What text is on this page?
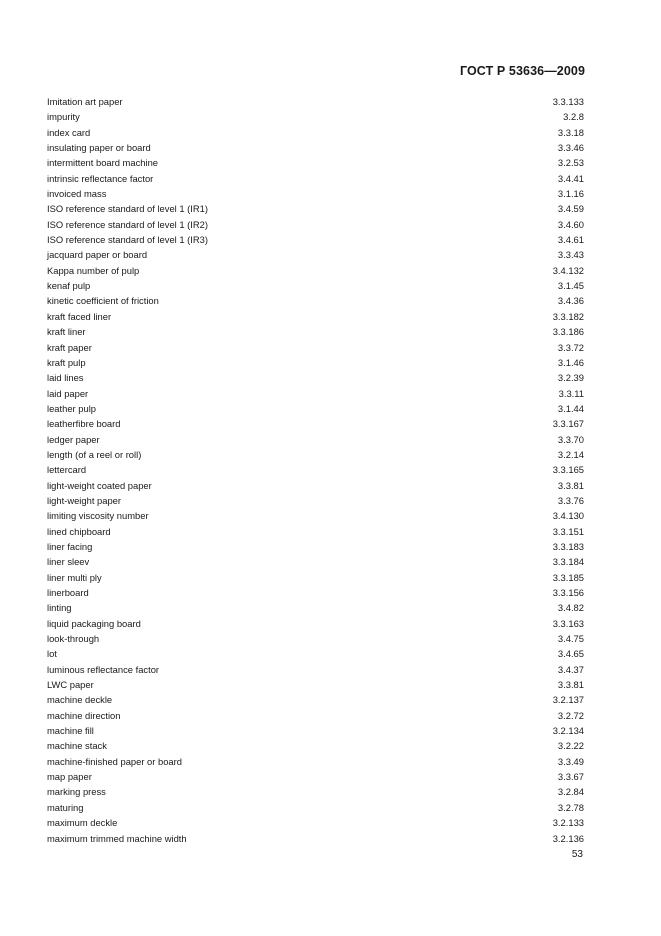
ГОСТ Р 53636—2009
Imitation art paper	3.3.133
impurity	3.2.8
index card	3.3.18
insulating paper or board	3.3.46
intermittent board machine	3.2.53
intrinsic reflectance factor	3.4.41
invoiced mass	3.1.16
ISO reference standard of level 1 (IR1)	3.4.59
ISO reference standard of level 1 (IR2)	3.4.60
ISO reference standard of level 1 (IR3)	3.4.61
jacquard paper or board	3.3.43
Kappa number of pulp	3.4.132
kenaf pulp	3.1.45
kinetic coefficient of friction	3.4.36
kraft faced liner	3.3.182
kraft liner	3.3.186
kraft paper	3.3.72
kraft pulp	3.1.46
laid lines	3.2.39
laid paper	3.3.11
leather pulp	3.1.44
leatherfibre board	3.3.167
ledger paper	3.3.70
length (of a reel or roll)	3.2.14
lettercard	3.3.165
light-weight coated paper	3.3.81
light-weight paper	3.3.76
limiting viscosity number	3.4.130
lined chipboard	3.3.151
liner facing	3.3.183
liner sleev	3.3.184
liner multi ply	3.3.185
linerboard	3.3.156
linting	3.4.82
liquid packaging board	3.3.163
look-through	3.4.75
lot	3.4.65
luminous reflectance factor	3.4.37
LWC paper	3.3.81
machine deckle	3.2.137
machine direction	3.2.72
machine fill	3.2.134
machine stack	3.2.22
machine-finished paper or board	3.3.49
map paper	3.3.67
marking press	3.2.84
maturing	3.2.78
maximum deckle	3.2.133
maximum trimmed machine width	3.2.136
53
